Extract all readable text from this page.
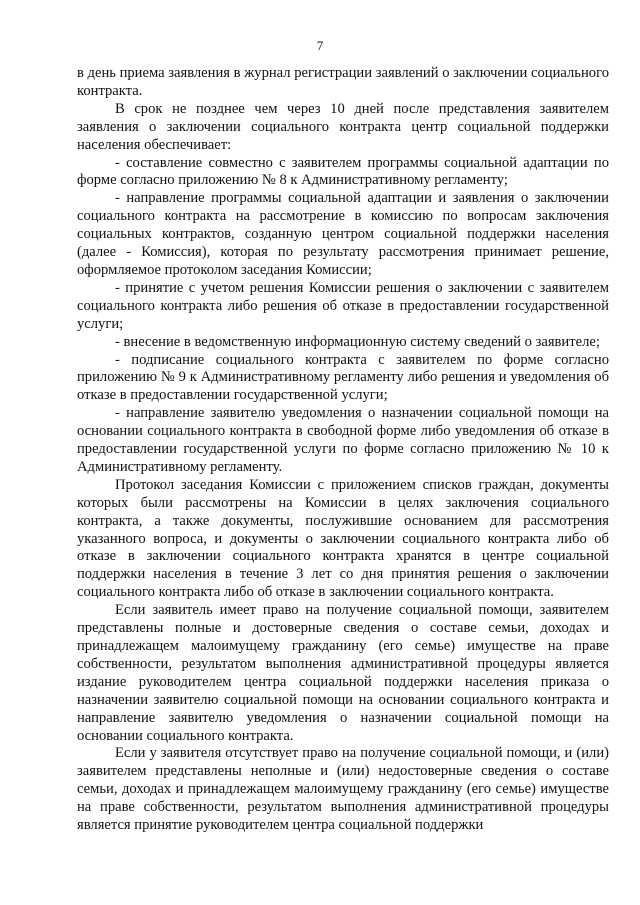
7

в день приема заявления в журнал регистрации заявлений о заключении социального контракта.

В срок не позднее чем через 10 дней после представления заявителем заявления о заключении социального контракта центр социальной поддержки населения обеспечивает:

- составление совместно с заявителем программы социальной адаптации по форме согласно приложению № 8 к Административному регламенту;

- направление программы социальной адаптации и заявления о заключении социального контракта на рассмотрение в комиссию по вопросам заключения социальных контрактов, созданную центром социальной поддержки населения (далее - Комиссия), которая по результату рассмотрения принимает решение, оформляемое протоколом заседания Комиссии;

- принятие с учетом решения Комиссии решения о заключении с заявителем социального контракта либо решения об отказе в предоставлении государственной услуги;

- внесение в ведомственную информационную систему сведений о заявителе;

- подписание социального контракта с заявителем по форме согласно приложению № 9 к Административному регламенту либо решения и уведомления об отказе в предоставлении государственной услуги;

- направление заявителю уведомления о назначении социальной помощи на основании социального контракта в свободной форме либо уведомления об отказе в предоставлении государственной услуги по форме согласно приложению № 10 к Административному регламенту.

Протокол заседания Комиссии с приложением списков граждан, документы которых были рассмотрены на Комиссии в целях заключения социального контракта, а также документы, послужившие основанием для рассмотрения указанного вопроса, и документы о заключении социального контракта либо об отказе в заключении социального контракта хранятся в центре социальной поддержки населения в течение 3 лет со дня принятия решения о заключении социального контракта либо об отказе в заключении социального контракта.

Если заявитель имеет право на получение социальной помощи, заявителем представлены полные и достоверные сведения о составе семьи, доходах и принадлежащем малоимущему гражданину (его семье) имуществе на праве собственности, результатом выполнения административной процедуры является издание руководителем центра социальной поддержки населения приказа о назначении заявителю социальной помощи на основании социального контракта и направление заявителю уведомления о назначении социальной помощи на основании социального контракта.

Если у заявителя отсутствует право на получение социальной помощи, и (или) заявителем представлены неполные и (или) недостоверные сведения о составе семьи, доходах и принадлежащем малоимущему гражданину (его семье) имуществе на праве собственности, результатом выполнения административной процедуры является принятие руководителем центра социальной поддержки
